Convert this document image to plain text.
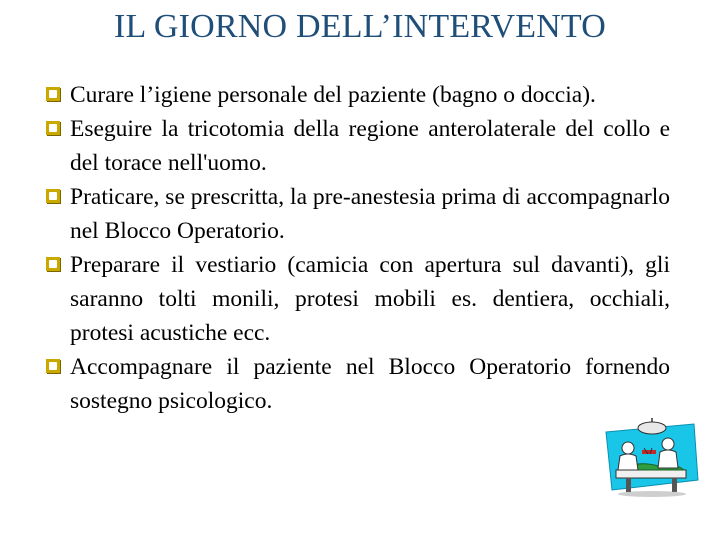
IL GIORNO DELL’INTERVENTO
Curare l’igiene personale del paziente (bagno o doccia).
Eseguire la tricotomia della regione anterolaterale del collo e del torace nell'uomo.
Praticare, se prescritta, la pre-anestesia prima di accompagnarlo nel Blocco Operatorio.
Preparare il vestiario (camicia con apertura sul davanti), gli saranno tolti monili, protesi mobili es. dentiera, occhiali, protesi acustiche ecc.
Accompagnare il paziente nel Blocco Operatorio fornendo sostegno psicologico.
